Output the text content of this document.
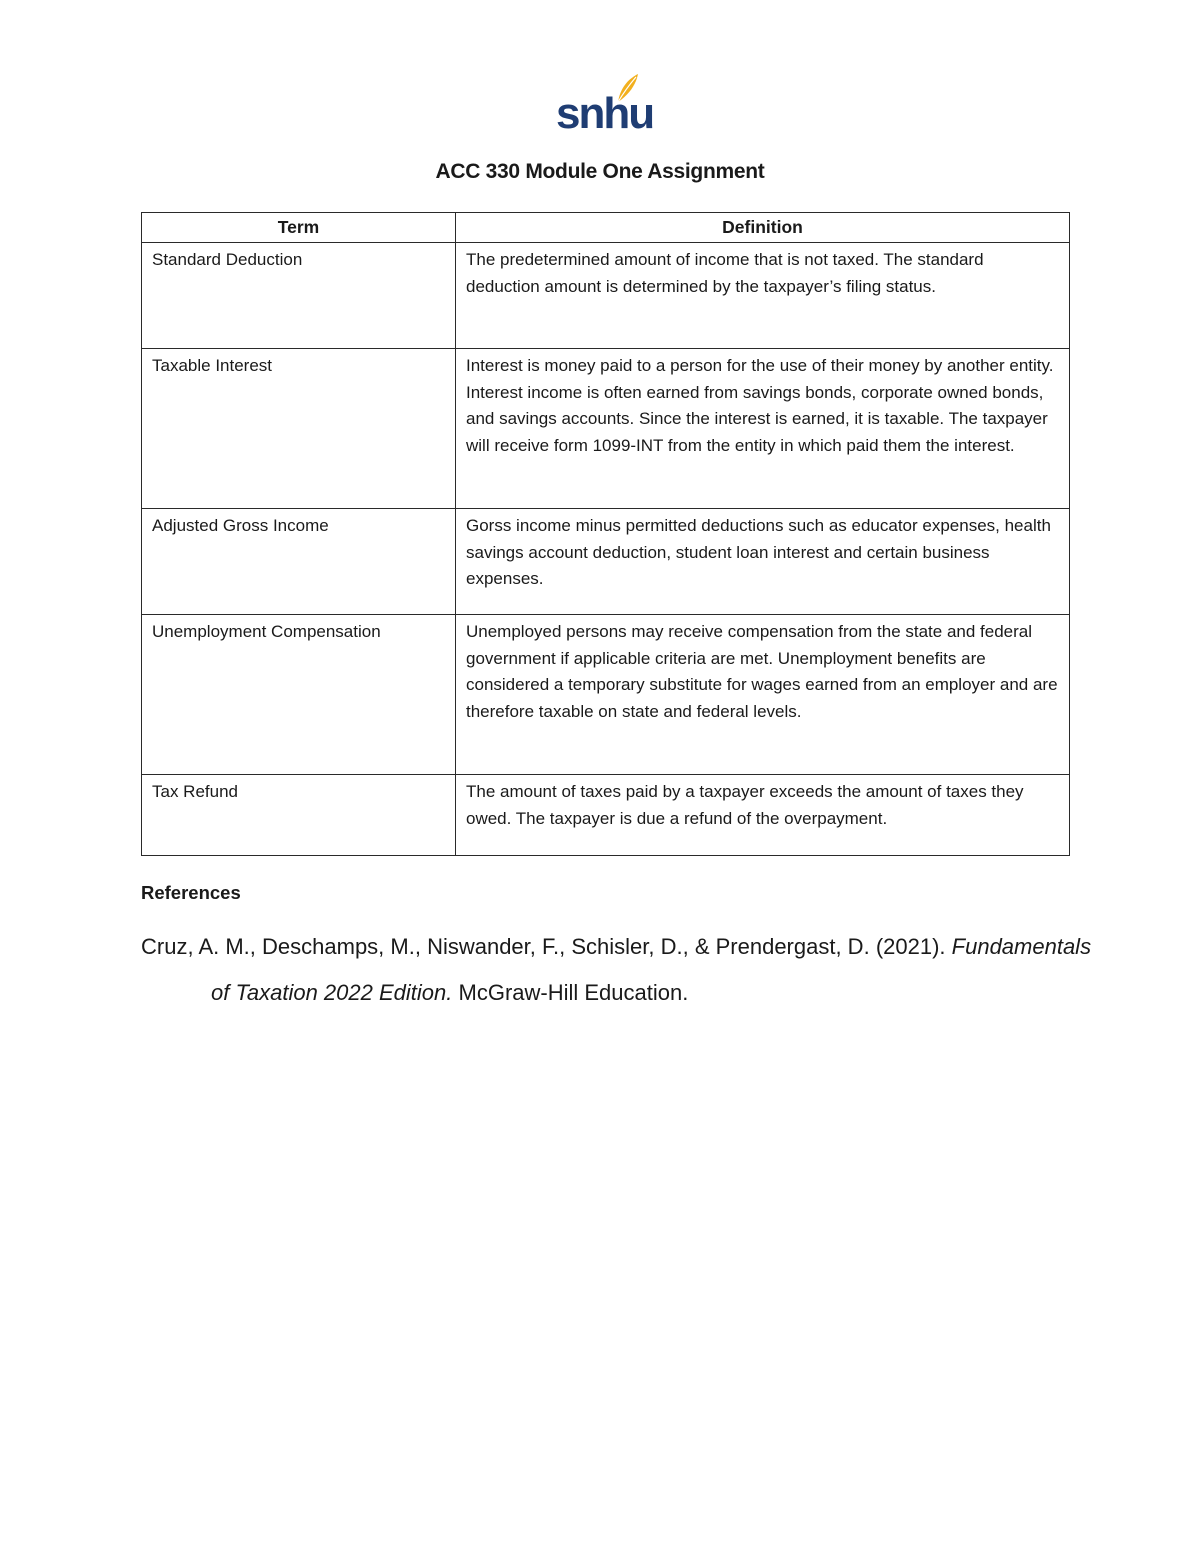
snhu
ACC 330 Module One Assignment
Term	Definition
Standard Deduction	The predetermined amount of income that is not taxed. The standard deduction amount is determined by the taxpayer’s filing status.
Taxable Interest	Interest is money paid to a person for the use of their money by another entity. Interest income is often earned from savings bonds, corporate owned bonds, and savings accounts. Since the interest is earned, it is taxable. The taxpayer will receive form 1099-INT from the entity in which paid them the interest.
Adjusted Gross Income	Gorss income minus permitted deductions such as educator expenses, health savings account deduction, student loan interest and certain business expenses.
Unemployment Compensation	Unemployed persons may receive compensation from the state and federal government if applicable criteria are met. Unemployment benefits are considered a temporary substitute for wages earned from an employer and are therefore taxable on state and federal levels.
Tax Refund	The amount of taxes paid by a taxpayer exceeds the amount of taxes they owed. The taxpayer is due a refund of the overpayment.
References
Cruz, A. M., Deschamps, M., Niswander, F., Schisler, D., & Prendergast, D. (2021). Fundamentals of Taxation 2022 Edition. McGraw-Hill Education.
